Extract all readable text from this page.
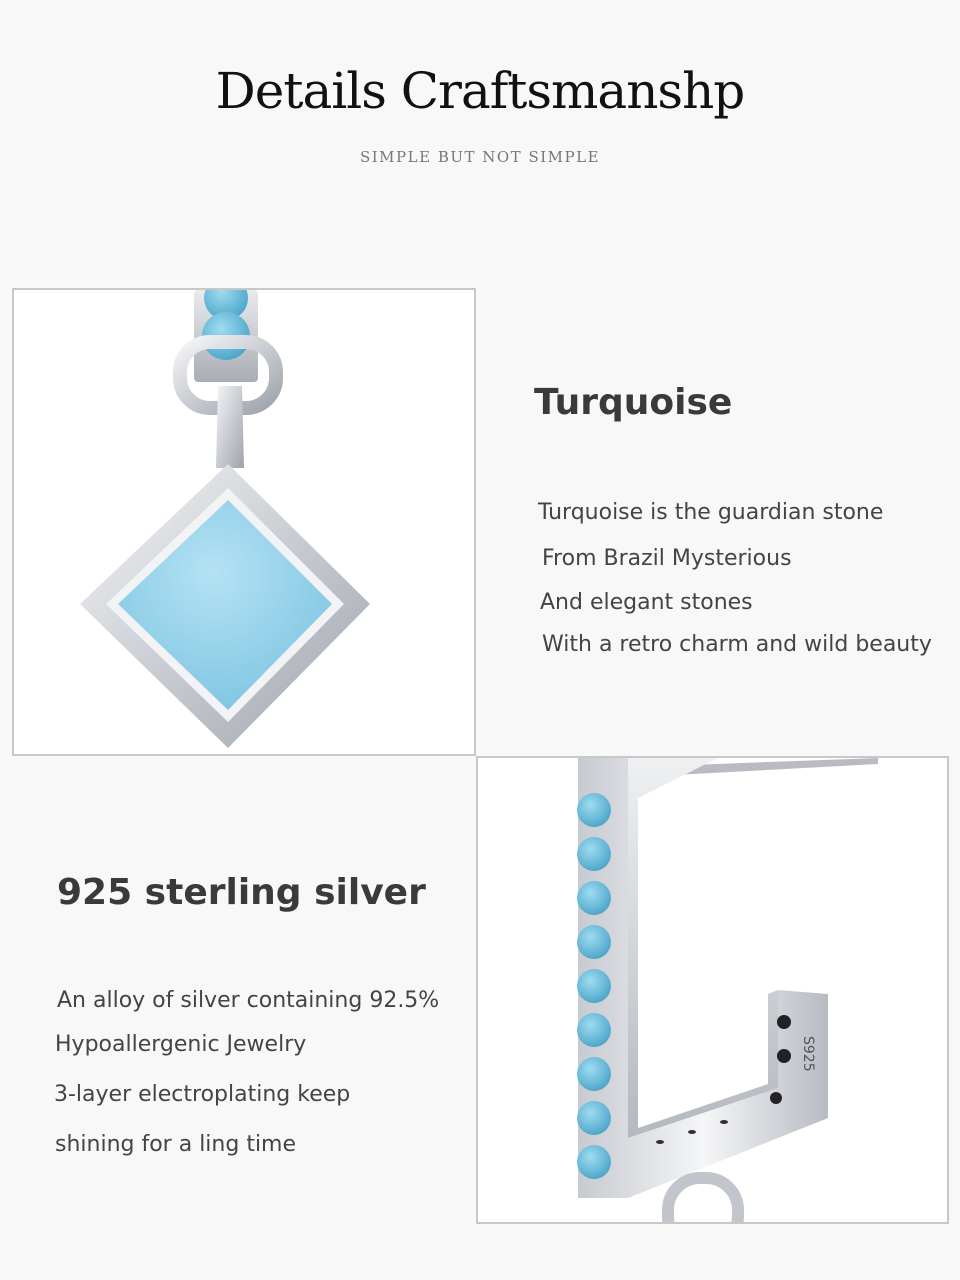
Details Craftsmanshp
SIMPLE BUT NOT SIMPLE
Turquoise
Turquoise is the guardian stone
From Brazil Mysterious
And elegant stones
With a retro charm and wild beauty
S925
925 sterling silver
An alloy of silver containing 92.5%
Hypoallergenic Jewelry
3-layer electroplating keep
shining for a ling time
